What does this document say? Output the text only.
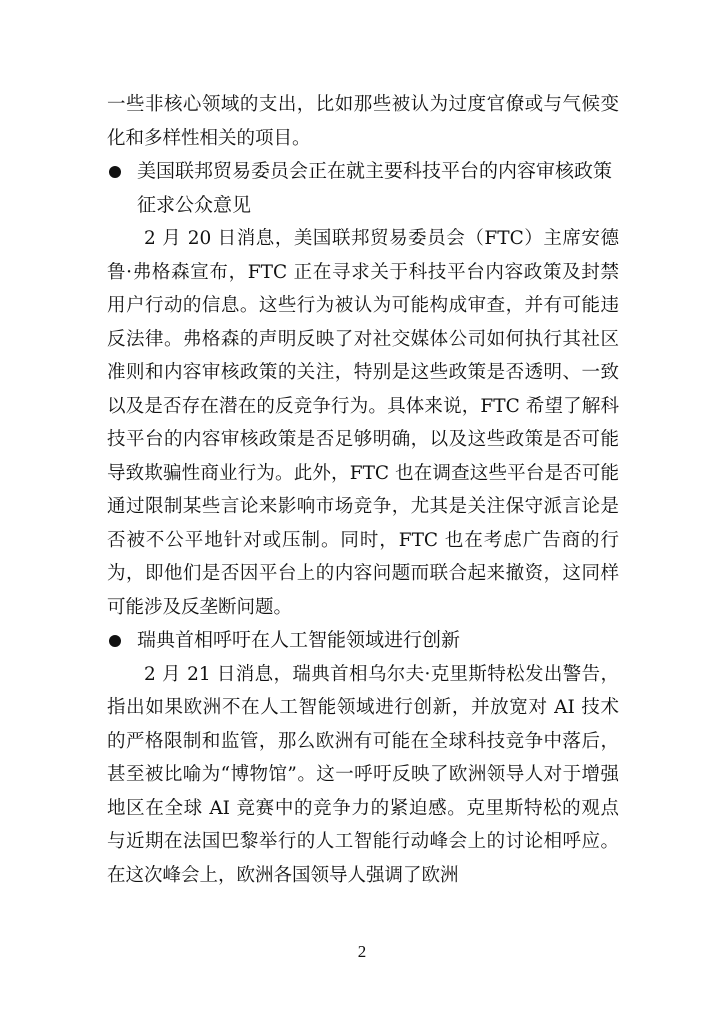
一些非核心领域的支出，比如那些被认为过度官僚或与气候变化和多样性相关的项目。

美国联邦贸易委员会正在就主要科技平台的内容审核政策征求公众意见

2 月 20 日消息，美国联邦贸易委员会（FTC）主席安德鲁·弗格森宣布，FTC 正在寻求关于科技平台内容政策及封禁用户行动的信息。这些行为被认为可能构成审查，并有可能违反法律。弗格森的声明反映了对社交媒体公司如何执行其社区准则和内容审核政策的关注，特别是这些政策是否透明、一致以及是否存在潜在的反竞争行为。具体来说，FTC 希望了解科技平台的内容审核政策是否足够明确，以及这些政策是否可能导致欺骗性商业行为。此外，FTC 也在调查这些平台是否可能通过限制某些言论来影响市场竞争，尤其是关注保守派言论是否被不公平地针对或压制。同时，FTC 也在考虑广告商的行为，即他们是否因平台上的内容问题而联合起来撤资，这同样可能涉及反垄断问题。

瑞典首相呼吁在人工智能领域进行创新

2 月 21 日消息，瑞典首相乌尔夫·克里斯特松发出警告，指出如果欧洲不在人工智能领域进行创新，并放宽对 AI 技术的严格限制和监管，那么欧洲有可能在全球科技竞争中落后，甚至被比喻为“博物馆”。这一呼吁反映了欧洲领导人对于增强地区在全球 AI 竞赛中的竞争力的紧迫感。克里斯特松的观点与近期在法国巴黎举行的人工智能行动峰会上的讨论相呼应。在这次峰会上，欧洲各国领导人强调了欧洲

2
